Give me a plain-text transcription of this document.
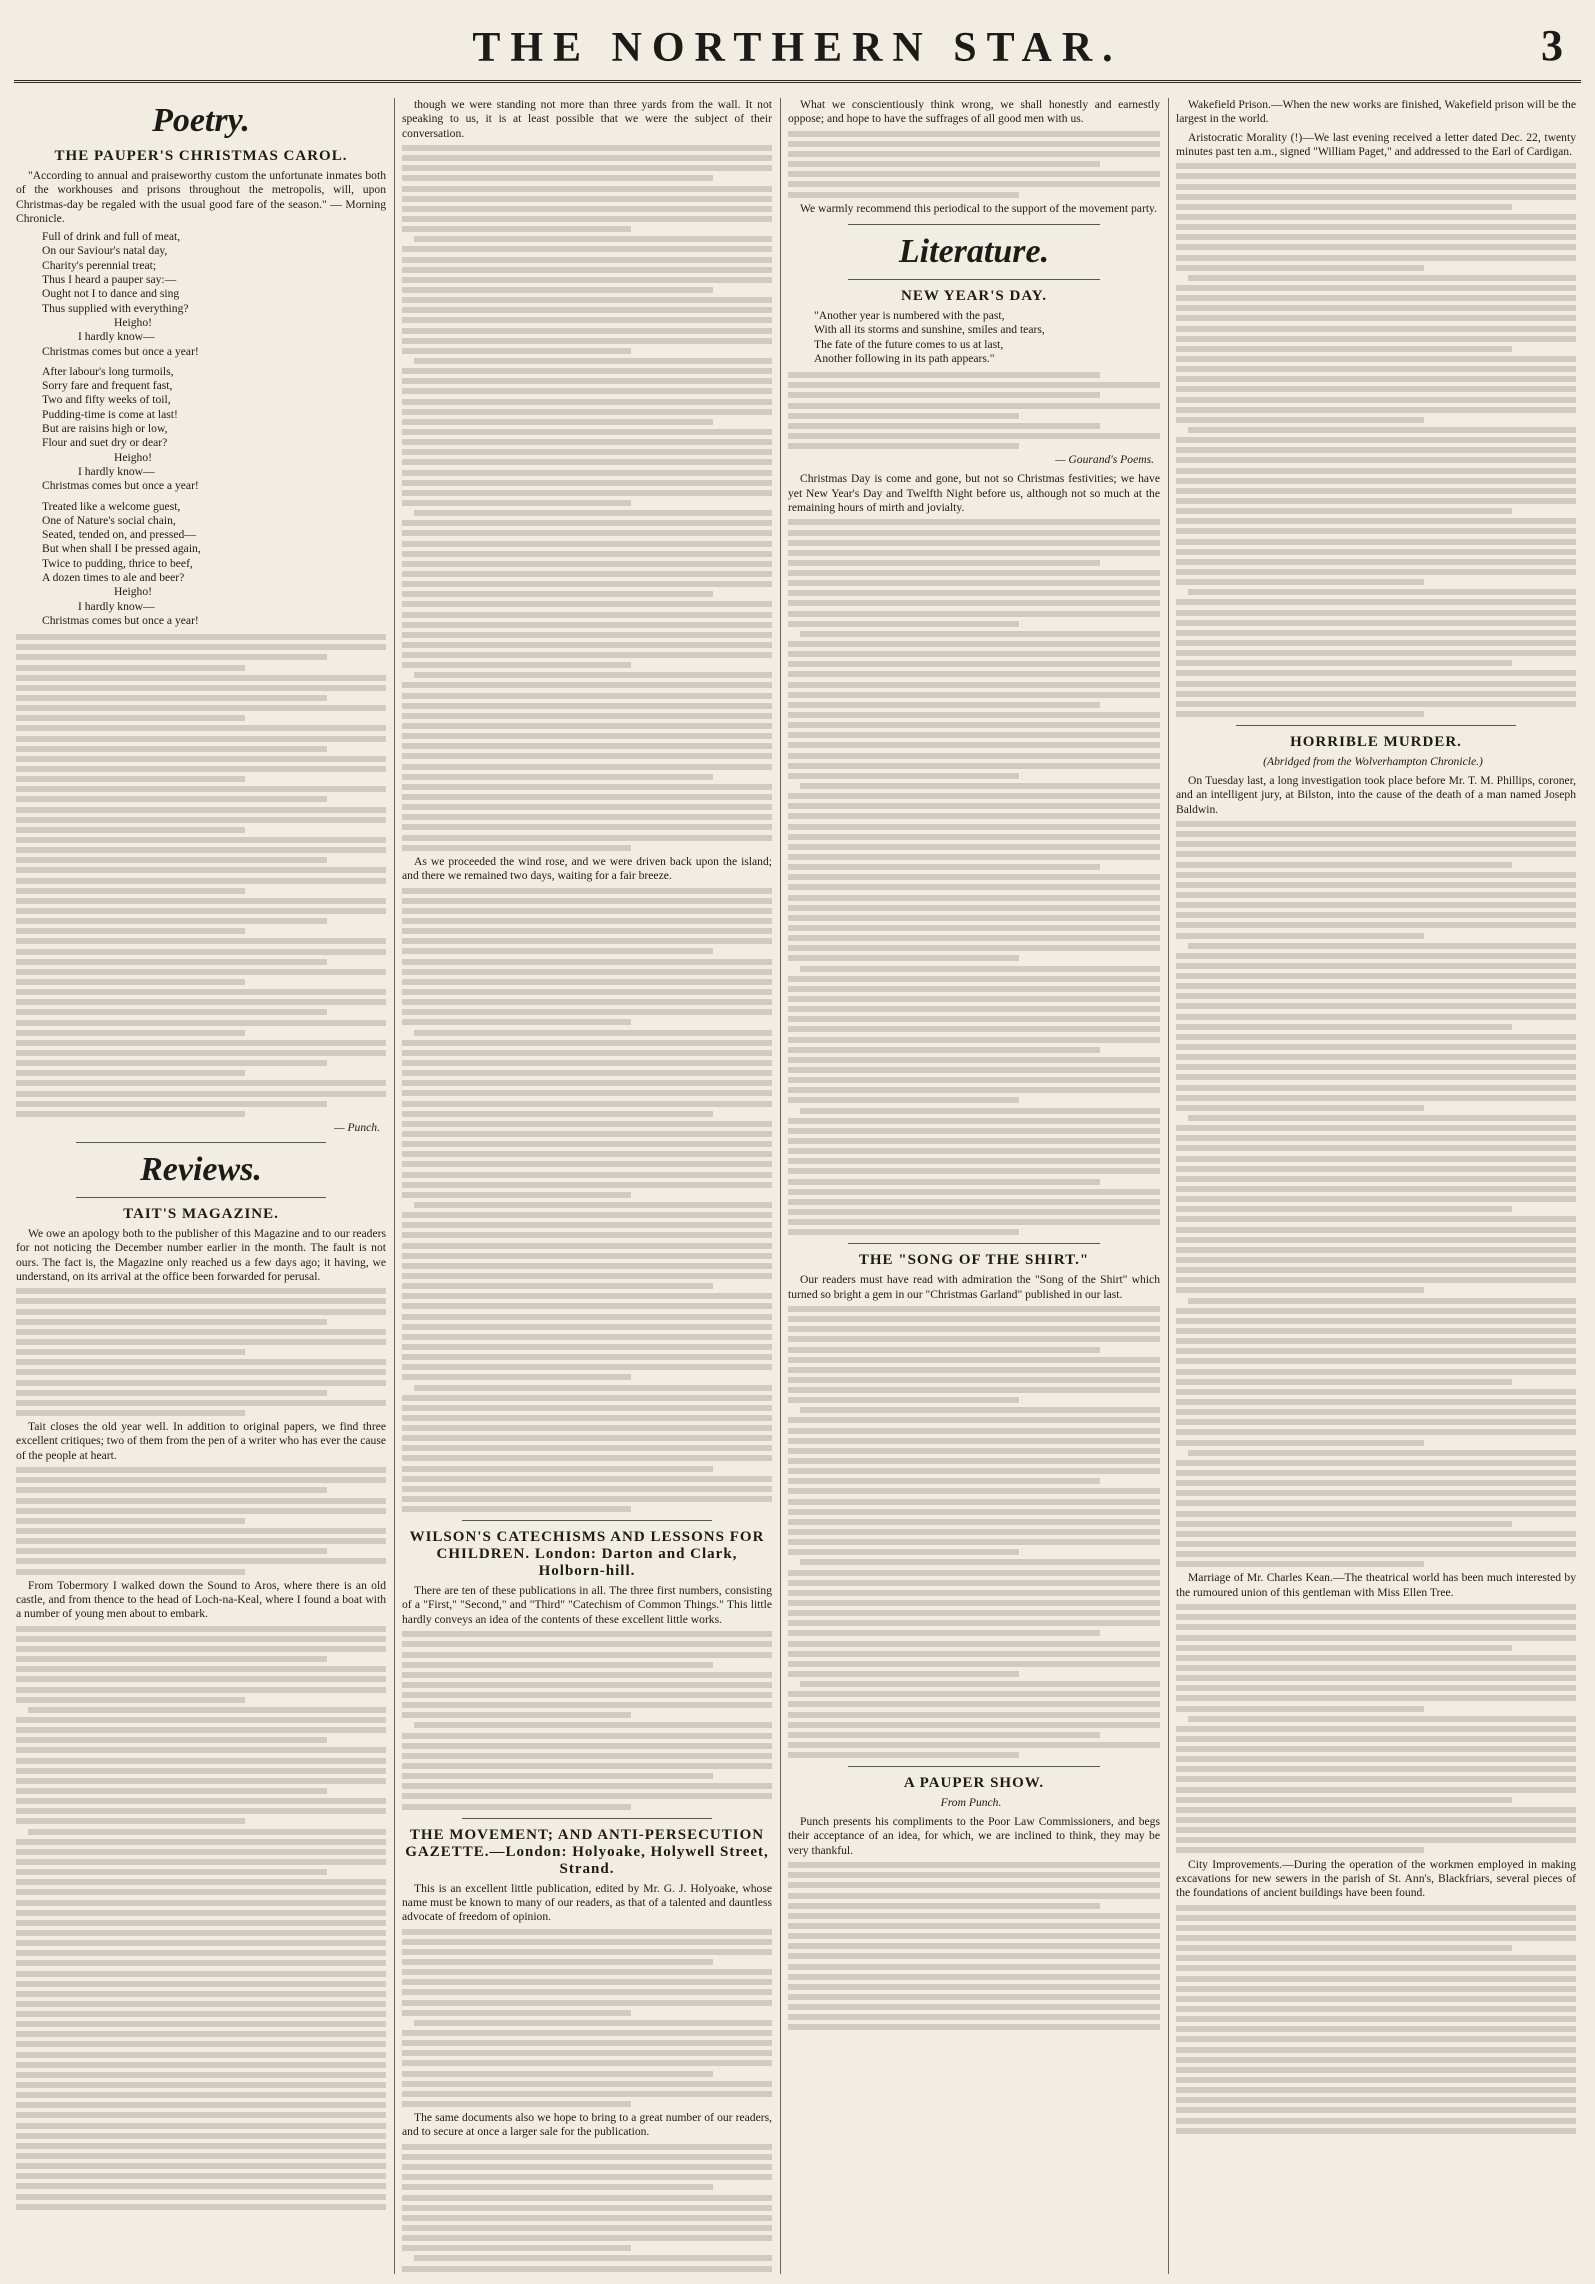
THE NORTHERN STAR.	3
Poetry.
THE PAUPER'S CHRISTMAS CAROL.

"According to annual and praiseworthy custom the unfortunate inmates both of the workhouses and prisons throughout the metropolis, will, upon Christmas-day be regaled with the usual good fare of the season." — Morning Chronicle.

Full of drink and full of meat,
On our Saviour's natal day,
Charity's perennial treat;
Thus I heard a pauper say:—
Ought not I to dance and sing
Thus supplied with everything?
Heigho!
I hardly know—
Christmas comes but once a year!
After labour's long turmoils,
Sorry fare and frequent fast,
Two and fifty weeks of toil,
Pudding-time is come at last!
But are raisins high or low,
Flour and suet dry or dear?
Heigho!
I hardly know—
Christmas comes but once a year!
Treated like a welcome guest,
One of Nature's social chain,
Seated, tended on, and pressed—
But when shall I be pressed again,
Twice to pudding, thrice to beef,
A dozen times to ale and beer?
Heigho!
I hardly know—
Christmas comes but once a year!
— Punch.
Reviews.
TAIT'S MAGAZINE.

We owe an apology both to the publisher of this Magazine and to our readers for not noticing the December number earlier in the month. The fault is not ours. The fact is, the Magazine only reached us a few days ago; it having, we understand, on its arrival at the office been forwarded for perusal.

Tait closes the old year well. In addition to original papers, we find three excellent critiques; two of them from the pen of a writer who has ever the cause of the people at heart.

From Tobermory I walked down the Sound to Aros, where there is an old castle, and from thence to the head of Loch-na-Keal, where I found a boat with a number of young men about to embark.

though we were standing not more than three yards from the wall. It not speaking to us, it is at least possible that we were the subject of their conversation.

As we proceeded the wind rose, and we were driven back upon the island; and there we remained two days, waiting for a fair breeze.

WILSON'S CATECHISMS AND LESSONS FOR CHILDREN. London: Darton and Clark, Holborn-hill.

There are ten of these publications in all. The three first numbers, consisting of a "First," "Second," and "Third" "Catechism of Common Things." This little hardly conveys an idea of the contents of these excellent little works.

THE MOVEMENT; AND ANTI-PERSECUTION GAZETTE.—London: Holyoake, Holywell Street, Strand.

This is an excellent little publication, edited by Mr. G. J. Holyoake, whose name must be known to many of our readers, as that of a talented and dauntless advocate of freedom of opinion.

The same documents also we hope to bring to a great number of our readers, and to secure at once a larger sale for the publication.

What we conscientiously think wrong, we shall honestly and earnestly oppose; and hope to have the suffrages of all good men with us.

We warmly recommend this periodical to the support of the movement party.

Literature.
NEW YEAR'S DAY.
"Another year is numbered with the past,
With all its storms and sunshine, smiles and tears,
The fate of the future comes to us at last,
Another following in its path appears."
— Gourand's Poems.

Christmas Day is come and gone, but not so Christmas festivities; we have yet New Year's Day and Twelfth Night before us, although not so much at the remaining hours of mirth and jovialty.

THE "SONG OF THE SHIRT."

Our readers must have read with admiration the "Song of the Shirt" which turned so bright a gem in our "Christmas Garland" published in our last.

A PAUPER SHOW.
From Punch.

Punch presents his compliments to the Poor Law Commissioners, and begs their acceptance of an idea, for which, we are inclined to think, they may be very thankful.

Wakefield Prison.—When the new works are finished, Wakefield prison will be the largest in the world.

Aristocratic Morality (!)—We last evening received a letter dated Dec. 22, twenty minutes past ten a.m., signed "William Paget," and addressed to the Earl of Cardigan.

HORRIBLE MURDER.
(Abridged from the Wolverhampton Chronicle.)

On Tuesday last, a long investigation took place before Mr. T. M. Phillips, coroner, and an intelligent jury, at Bilston, into the cause of the death of a man named Joseph Baldwin.

Marriage of Mr. Charles Kean.—The theatrical world has been much interested by the rumoured union of this gentleman with Miss Ellen Tree.

City Improvements.—During the operation of the workmen employed in making excavations for new sewers in the parish of St. Ann's, Blackfriars, several pieces of the foundations of ancient buildings have been found.
